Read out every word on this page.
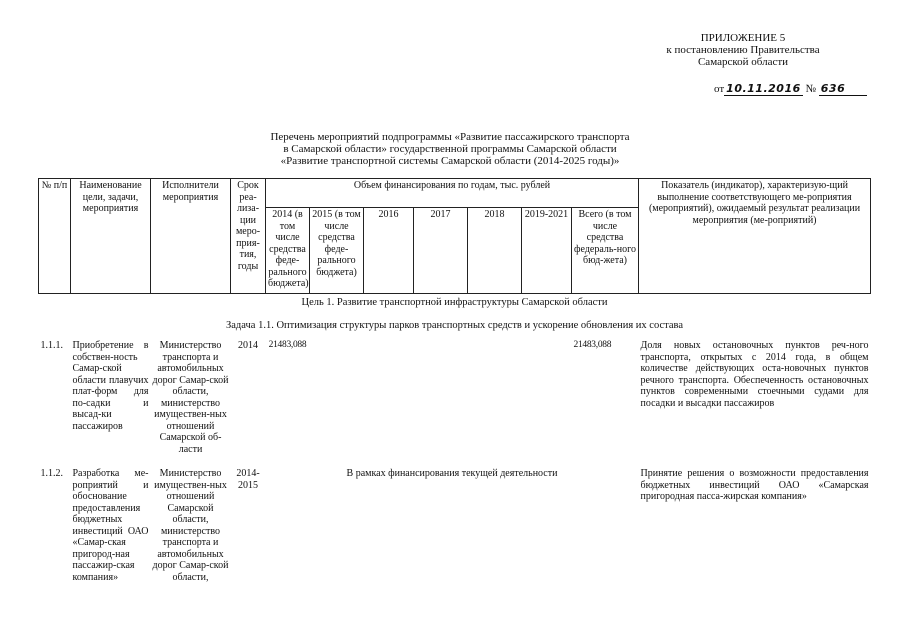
ПРИЛОЖЕНИЕ 5
к постановлению Правительства
Самарской области
от 10.11.2016 № 636
Перечень мероприятий подпрограммы «Развитие пассажирского транспорта
в Самарской области» государственной программы Самарской области
«Развитие транспортной системы Самарской области (2014-2025 годы)»
№ п/п	Наименование цели, задачи, мероприятия	Исполнители мероприятия	Срок реа-лиза-ции меро-прия-тия, годы	Объем финансирования по годам, тыс. рублей							Показатель (индикатор), характеризую-щий выполнение соответствующего ме-роприятия (мероприятий), ожидаемый результат реализации мероприятия (ме-роприятий)
				2014 (в том числе средства феде-рального бюджета)	2015 (в том числе средства феде-рального бюджета)	2016	2017	2018	2019-2021	Всего (в том числе средства федераль-ного бюд-жета)	
Цель 1. Развитие транспортной инфраструктуры Самарской области											
Задача 1.1. Оптимизация структуры парков транспортных средств и ускорение обновления их состава											
1.1.1.	Приобретение в собствен-ность Самар-ской области плавучих плат-форм для по-садки и высад-ки пассажиров	Министерство транспорта и автомобильных дорог Самар-ской области, министерство имуществен-ных отношений Самарской об-ласти	2014	21483,088						21483,088	Доля новых остановочных пунктов реч-ного транспорта, открытых с 2014 года, в общем количестве действующих оста-новочных пунктов речного транспорта. Обеспеченность остановочных пунктов современными стоечными судами для посадки и высадки пассажиров
1.1.2.	Разработка ме-роприятий и обоснование предоставления бюджетных инвестиций ОАО «Самар-ская пригород-ная пассажир-ская компания»	Министерство имуществен-ных отношений Самарской области, министерство транспорта и автомобильных дорог Самар-ской области,	2014-2015	В рамках финансирования текущей деятельности							Принятие решения о возможности предоставления бюджетных инвестиций ОАО «Самарская пригородная пасса-жирская компания»
